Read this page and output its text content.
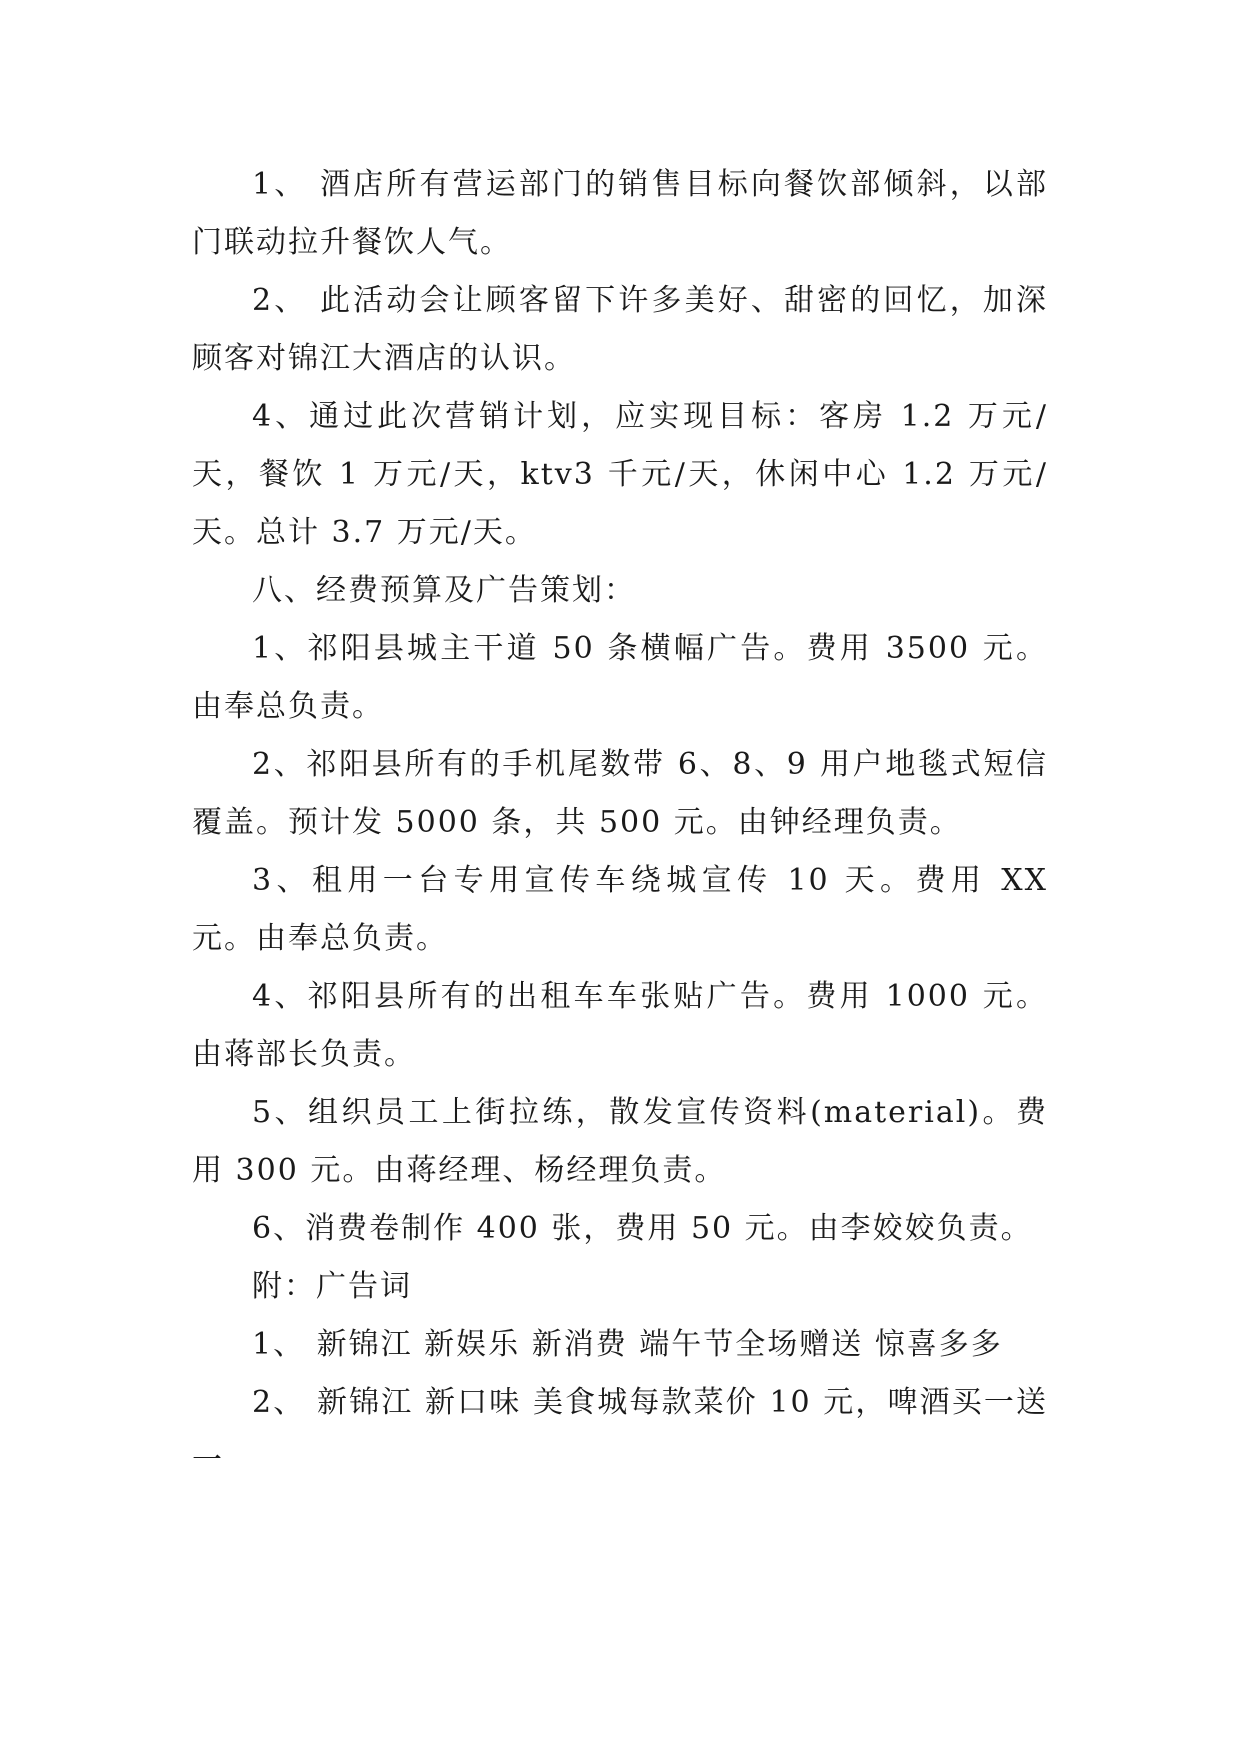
1、 酒店所有营运部门的销售目标向餐饮部倾斜，以部门联动拉升餐饮人气。

2、 此活动会让顾客留下许多美好、甜密的回忆，加深顾客对锦江大酒店的认识。

4、通过此次营销计划，应实现目标：客房 1.2 万元/天，餐饮 1 万元/天，ktv3 千元/天，休闲中心 1.2 万元/天。总计 3.7 万元/天。

八、经费预算及广告策划：

1、祁阳县城主干道 50 条横幅广告。费用 3500 元。由奉总负责。

2、祁阳县所有的手机尾数带 6、8、9 用户地毯式短信覆盖。预计发 5000 条，共 500 元。由钟经理负责。

3、租用一台专用宣传车绕城宣传 10 天。费用 XX 元。由奉总负责。

4、祁阳县所有的出租车车张贴广告。费用 1000 元。由蒋部长负责。

5、组织员工上街拉练，散发宣传资料(material)。费用 300 元。由蒋经理、杨经理负责。

6、消费卷制作 400 张，费用 50 元。由李姣姣负责。

附：广告词

1、 新锦江 新娱乐 新消费 端午节全场赠送 惊喜多多

2、 新锦江 新口味 美食城每款菜价 10 元，啤酒买一送一
